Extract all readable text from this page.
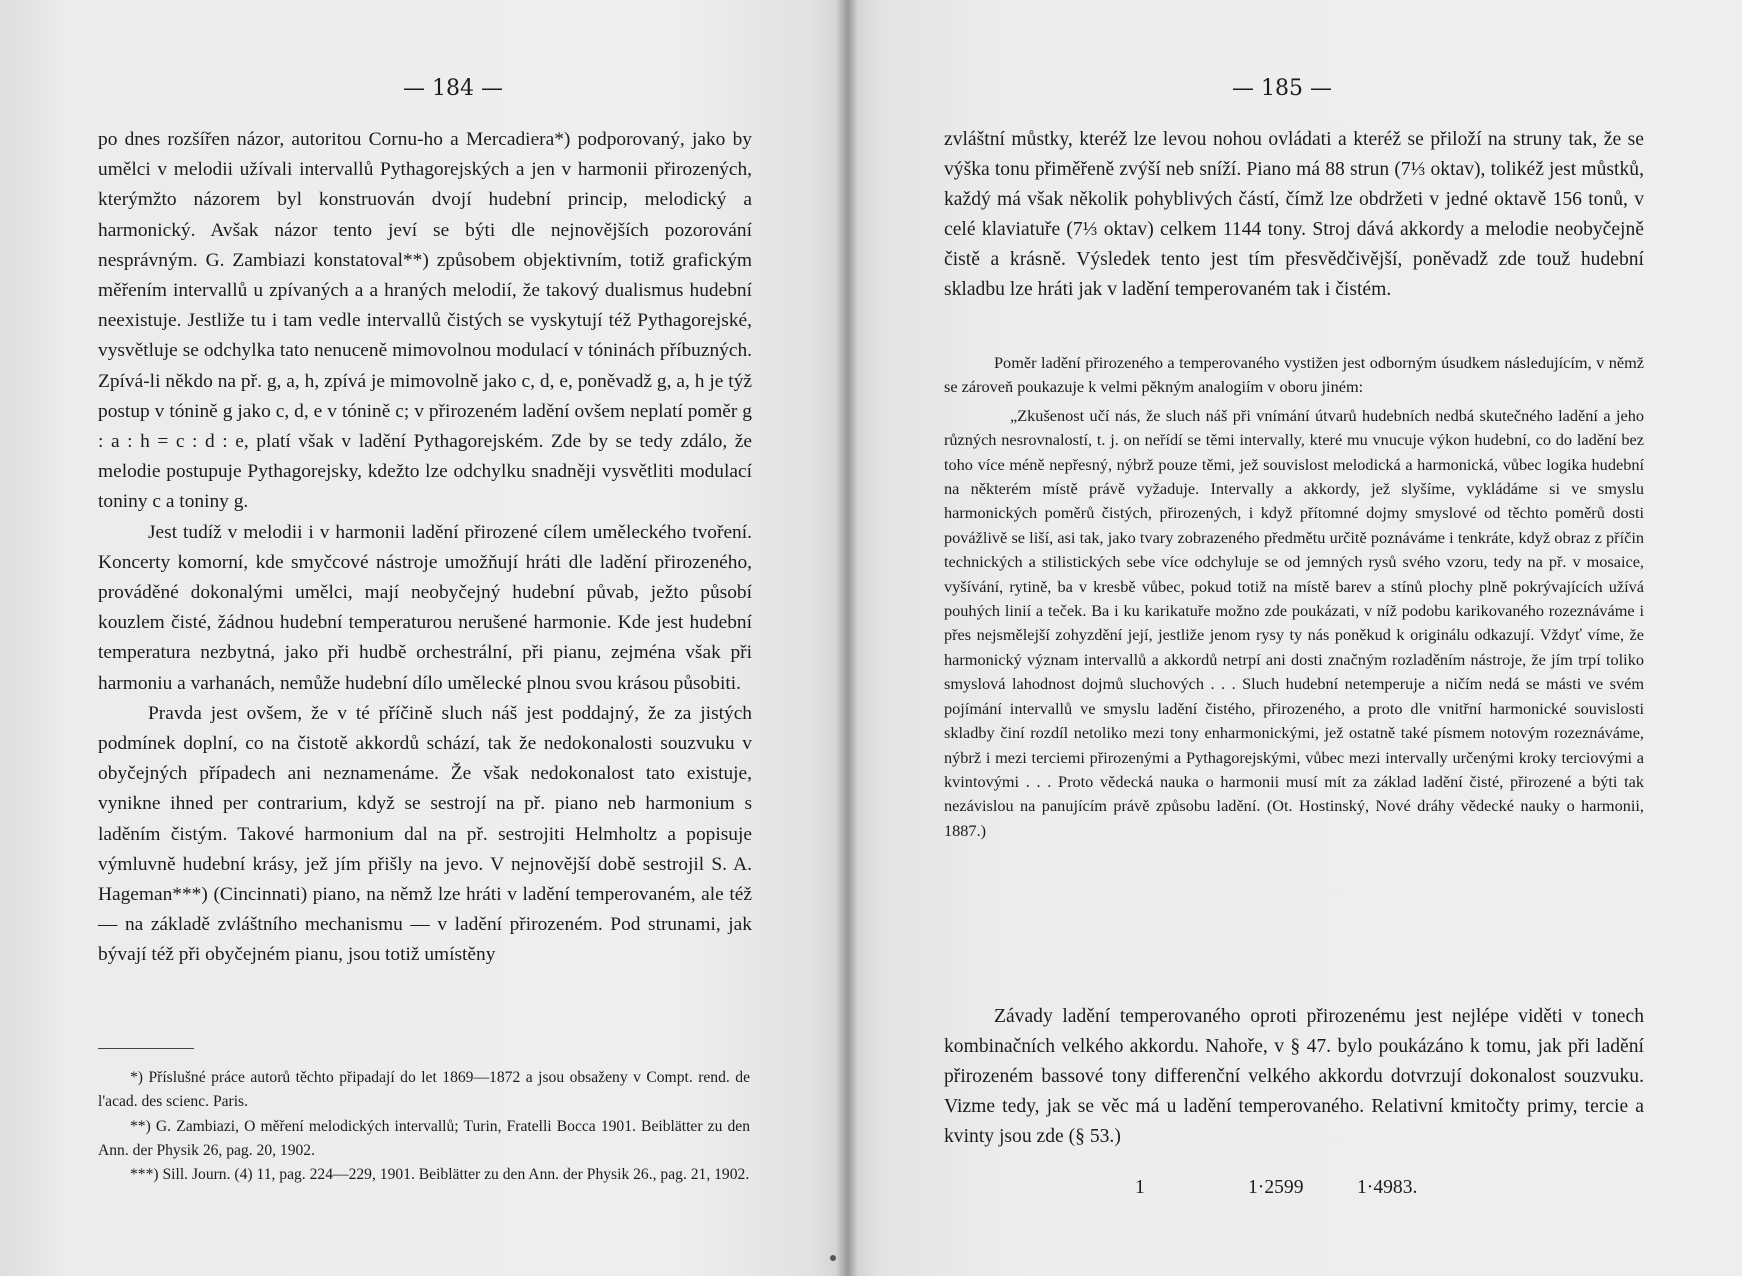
— 184 —

po dnes rozšířen názor, autoritou Cornu-ho a Mercadiera*) podporovaný, jako by umělci v melodii užívali intervallů Pythagorejských a jen v harmonii přirozených, kterýmžto názorem byl konstruován dvojí hudební princip, melodický a harmonický. Avšak názor tento jeví se býti dle nejnovějších pozorování nesprávným. G. Zambiazi konstatoval**) způsobem objektivním, totiž grafickým měřením intervallů u zpívaných a a hraných melodií, že takový dualismus hudební neexistuje. Jestliže tu i tam vedle intervallů čistých se vyskytují též Pythagorejské, vysvětluje se odchylka tato nenuceně mimovolnou modulací v tóninách příbuzných. Zpívá-li někdo na př. g, a, h, zpívá je mimovolně jako c, d, e, poněvadž g, a, h je týž postup v tónině g jako c, d, e v tónině c; v přirozeném ladění ovšem neplatí poměr g : a : h = c : d : e, platí však v ladění Pythagorejském. Zde by se tedy zdálo, že melodie postupuje Pythagorejsky, kdežto lze odchylku snadněji vysvětliti modulací toniny c a toniny g.

Jest tudíž v melodii i v harmonii ladění přirozené cílem uměleckého tvoření. Koncerty komorní, kde smyčcové nástroje umožňují hráti dle ladění přirozeného, prováděné dokonalými umělci, mají neobyčejný hudební půvab, ježto působí kouzlem čisté, žádnou hudební temperaturou nerušené harmonie. Kde jest hudební temperatura nezbytná, jako při hudbě orchestrální, při pianu, zejména však při harmoniu a varhanách, nemůže hudební dílo umělecké plnou svou krásou působiti.

Pravda jest ovšem, že v té příčině sluch náš jest poddajný, že za jistých podmínek doplní, co na čistotě akkordů schází, tak že nedokonalosti souzvuku v obyčejných případech ani neznamenáme. Že však nedokonalost tato existuje, vynikne ihned per contrarium, když se sestrojí na př. piano neb harmonium s laděním čistým. Takové harmonium dal na př. sestrojiti Helmholtz a popisuje výmluvně hudební krásy, jež jím přišly na jevo. V nejnovější době sestrojil S. A. Hageman***) (Cincinnati) piano, na němž lze hráti v ladění temperovaném, ale též — na základě zvláštního mechanismu — v ladění přirozeném. Pod strunami, jak bývají též při obyčejném pianu, jsou totiž umístěny

*) Příslušné práce autorů těchto připadají do let 1869—1872 a jsou obsaženy v Compt. rend. de l'acad. des scienc. Paris.

**) G. Zambiazi, O měření melodických intervallů; Turin, Fratelli Bocca 1901. Beiblätter zu den Ann. der Physik 26, pag. 20, 1902.

***) Sill. Journ. (4) 11, pag. 224—229, 1901. Beiblätter zu den Ann. der Physik 26., pag. 21, 1902.

— 185 —

zvláštní můstky, kteréž lze levou nohou ovládati a kteréž se přiloží na struny tak, že se výška tonu přiměřeně zvýší neb sníží. Piano má 88 strun (7⅓ oktav), tolikéž jest můstků, každý má však několik pohyblivých částí, čímž lze obdržeti v jedné oktavě 156 tonů, v celé klaviatuře (7⅓ oktav) celkem 1144 tony. Stroj dává akkordy a melodie neobyčejně čistě a krásně. Výsledek tento jest tím přesvědčivější, poněvadž zde touž hudební skladbu lze hráti jak v ladění temperovaném tak i čistém.

Poměr ladění přirozeného a temperovaného vystižen jest odborným úsudkem následujícím, v němž se zároveň poukazuje k velmi pěkným analogiím v oboru jiném:

„Zkušenost učí nás, že sluch náš při vnímání útvarů hudebních nedbá skutečného ladění a jeho různých nesrovnalostí, t. j. on neřídí se těmi intervally, které mu vnucuje výkon hudební, co do ladění bez toho více méně nepřesný, nýbrž pouze těmi, jež souvislost melodická a harmonická, vůbec logika hudební na některém místě právě vyžaduje. Intervally a akkordy, jež slyšíme, vykládáme si ve smyslu harmonických poměrů čistých, přirozených, i když přítomné dojmy smyslové od těchto poměrů dosti povážlivě se liší, asi tak, jako tvary zobrazeného předmětu určitě poznáváme i tenkráte, když obraz z příčin technických a stilistických sebe více odchyluje se od jemných rysů svého vzoru, tedy na př. v mosaice, vyšívání, rytině, ba v kresbě vůbec, pokud totiž na místě barev a stínů plochy plně pokrývajících užívá pouhých linií a teček. Ba i ku karikatuře možno zde poukázati, v níž podobu karikovaného rozeznáváme i přes nejsmělejší zohyzdění její, jestliže jenom rysy ty nás poněkud k originálu odkazují. Vždyť víme, že harmonický význam intervallů a akkordů netrpí ani dosti značným rozladěním nástroje, že jím trpí toliko smyslová lahodnost dojmů sluchových . . . Sluch hudební netemperuje a ničím nedá se másti ve svém pojímání intervallů ve smyslu ladění čistého, přirozeného, a proto dle vnitřní harmonické souvislosti skladby činí rozdíl netoliko mezi tony enharmonickými, jež ostatně také písmem notovým rozeznáváme, nýbrž i mezi terciemi přirozenými a Pythagorejskými, vůbec mezi intervally určenými kroky terciovými a kvintovými . . . Proto vědecká nauka o harmonii musí mít za základ ladění čisté, přirozené a býti tak nezávislou na panujícím právě způsobu ladění. (Ot. Hostinský, Nové dráhy vědecké nauky o harmonii, 1887.)

Závady ladění temperovaného oproti přirozenému jest nejlépe viděti v tonech kombinačních velkého akkordu. Nahoře, v § 47. bylo poukázáno k tomu, jak při ladění přirozeném bassové tony differenční velkého akkordu dotvrzují dokonalost souzvuku. Vizme tedy, jak se věc má u ladění temperovaného. Relativní kmitočty primy, tercie a kvinty jsou zde (§ 53.)

1	1·2599	1·4983.
